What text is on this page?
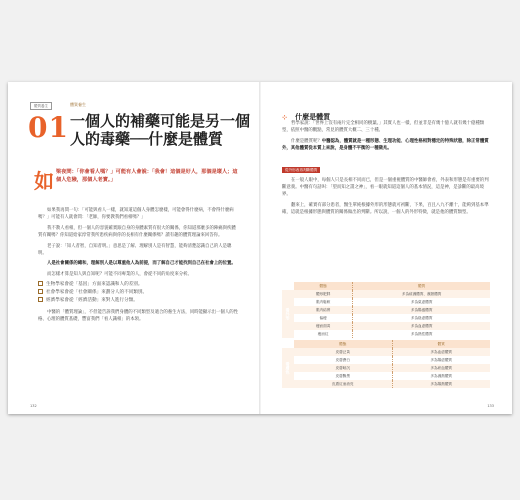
體質養生	體質養生
01 一個人的補藥可能是另一個人的毒藥──什麼是體質
如 梁夜問：「你會看人嗎？」可能有人會說：「我會！這個是好人，那個是壞人；這個人危險，那個人老實。」

如果我再問一句：「可能與看人一樣，就知道這個人身體怎麼樣，可能會得什麼病，不會得什麼病嗎？」可能有人就會問：「老師，你要教我們看相嗎？」

我不教人看相，但一個人的容貌確實跟自身的身體素質有很大的關係，你知道那麼多的陣痛與疾體質有關嗎？你知道給家淳常我所患疾病與你的長相有什麼關係嗎？讀有趣的體質理論來回答你。

老子說：「知人者智，自知者明。」意思是了解、理解別人是有智慧，能夠清楚認識自己的人是聰明。

人是社會關係的總和，理解別人是以尊重他人為前提，而了解自己才能找到自己在社會上的位置。

而怎樣才算是知人與自知呢？可能不同專業的人，會從不同的角度來分析。

生物學家會從「基因」方面來認識和人的差別。
社會學家會從「社會關係」來劃分人的不同類別。
經濟學家會從「經濟活動」來對人進行分類。

中醫的「體質理論」，不但能告訴我們身體的不同類型及適合的養生方法，同時能顯示出一個人的性格、心理的體質基礎，豐富我們「看人識相」的本領。

132
⊹ 什麼是體質

哲學家說：「世界上沒有兩片完全相同的樹葉。」其實人也一樣，但並非是有幾十億人就有幾十億種類型，依照中醫的觀點，常見的體質大概二、三十種。

什麼是體質呢？中醫認為，體質就是一種形態、生理功能、心理性格相對穩定的特殊狀態，除正常體質外，其他體質從本質上來說，是身體不平衡的一種徵兆。

從外形表再判斷體質

在一般人眼中，每個人只是長相不同而已，但是一個重視體質的中醫師會看，外表和形態是有重要的判斷意義。中醫有句話叫：「望而知之謂之神」，看一眼就知道這個人的基本情況，這是神，是診斷的最高境界。

翻來上，確實有部分患者，醫生單純根據外形的形態就可初斷，下果，百且八九不離十，能夠到基本準確，這就是根據形態與體質的關係做出的判斷。所以說，一個人的外形特徵，就是他的體質類型。

	體態	體質
看外形	體形肥胖	多為痰濕體質、濕熱體質
	肌肉鬆軟	多為氣虛體質
	肌肉結實	多為陽盛體質
	偏瘦	多為陰虛體質
	瘦而面黃	多為血虛體質
	瘦而紅	多為熱性體質
	體態	體質
看膚色	皮膚泛黃	多為血虛體質
	皮膚蒼白	多為陽虛體質
	皮膚暗沉	多為瘀血體質
	皮膚黝黑	多為濕熱體質
	皮膚紅而油亮	多為陽熱體質
133
